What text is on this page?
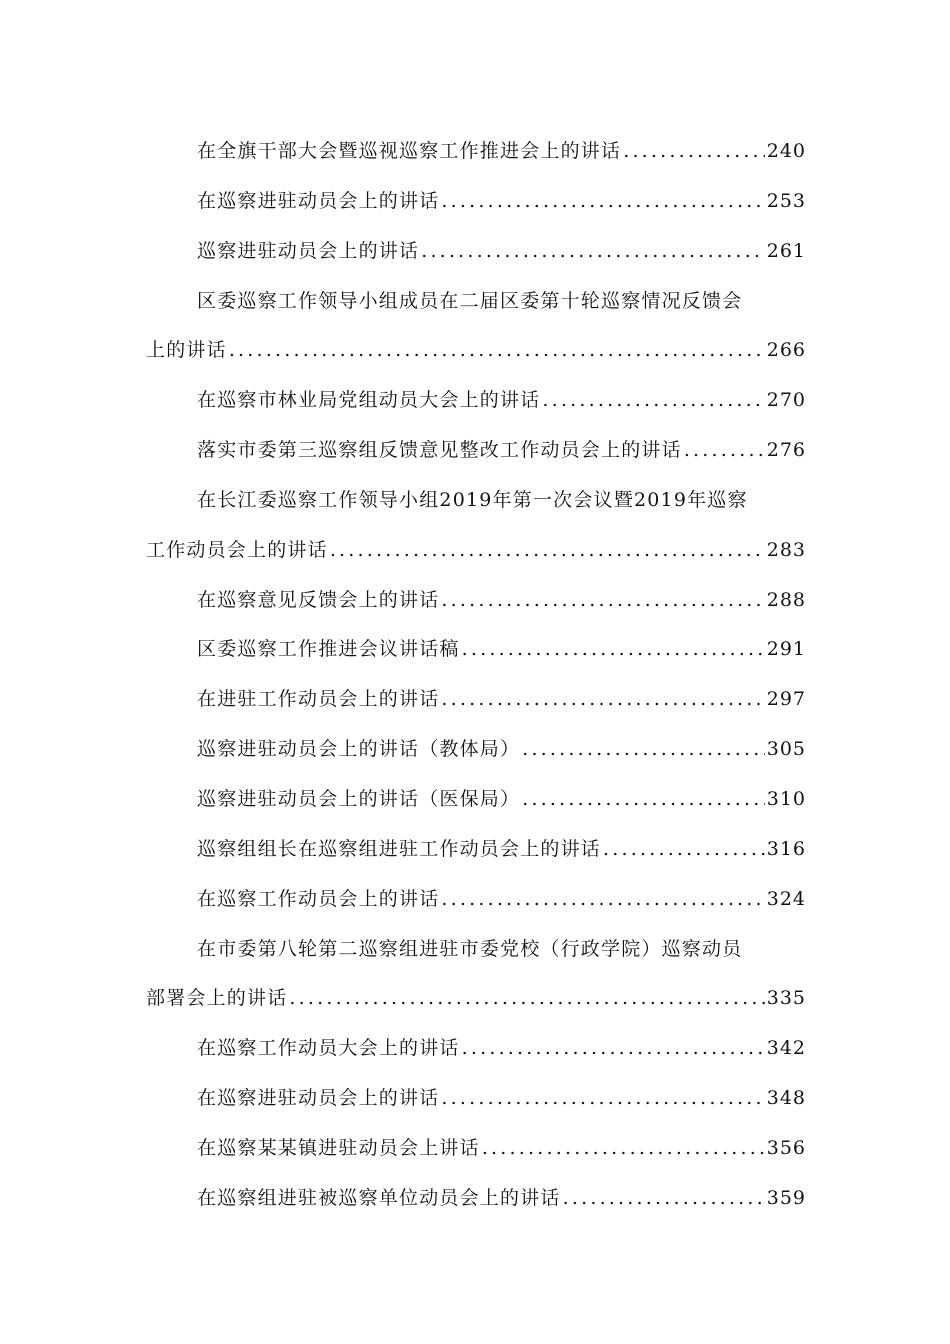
在全旗干部大会暨巡视巡察工作推进会上的讲话 .....	240
在巡察进驻动员会上的讲话 .....	253
巡察进驻动员会上的讲话 .....	261
区委巡察工作领导小组成员在二届区委第十轮巡察情况反馈会
上的讲话 .....	266
在巡察市林业局党组动员大会上的讲话 .....	270
落实市委第三巡察组反馈意见整改工作动员会上的讲话 .....	276
在长江委巡察工作领导小组2019年第一次会议暨2019年巡察
工作动员会上的讲话 .....	283
在巡察意见反馈会上的讲话 .....	288
区委巡察工作推进会议讲话稿 .....	291
在进驻工作动员会上的讲话 .....	297
巡察进驻动员会上的讲话（教体局） .....	305
巡察进驻动员会上的讲话（医保局） .....	310
巡察组组长在巡察组进驻工作动员会上的讲话 .....	316
在巡察工作动员会上的讲话 .....	324
在市委第八轮第二巡察组进驻市委党校（行政学院）巡察动员
部署会上的讲话 .....	335
在巡察工作动员大会上的讲话 .....	342
在巡察进驻动员会上的讲话 .....	348
在巡察某某镇进驻动员会上讲话 .....	356
在巡察组进驻被巡察单位动员会上的讲话 .....	359
